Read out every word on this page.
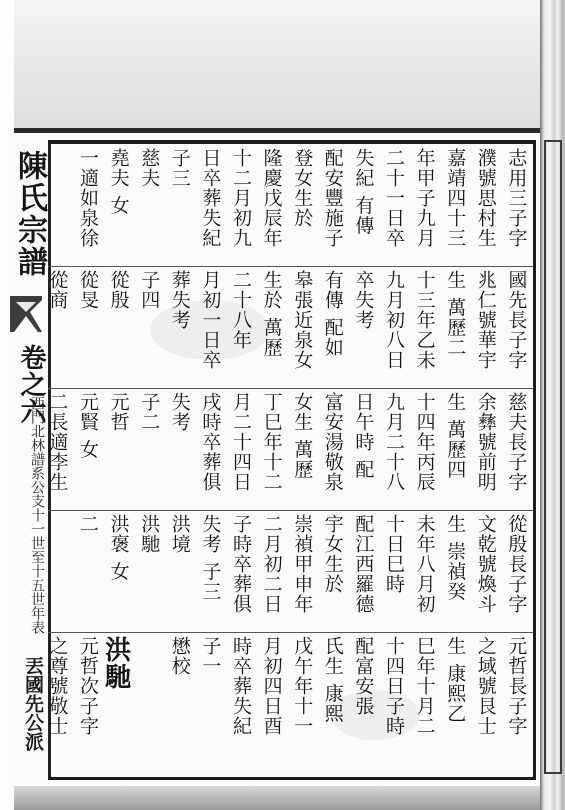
陳氏宗譜
卷之六
西門北林譜系公支十一世至十五世年表
丟國先公派
志用三子字
濮號思村生
嘉靖四十三
年甲子九月
二十一日卒
失紀 有傳
配安豐施子
登女生於
隆慶戊辰年
十二月初九
日卒葬失紀
子三
慈夫
堯夫 女
一適如泉徐
國先長子字
兆仁號華宇
生 萬歷二
十三年乙未
九月初八日
卒失考
有傳 配如
皋張近泉女
生於 萬歷
二十八年
月初一日卒
葬失考
子四
從殷
從旻
從商
慈夫長子字
余彝號前明
生 萬歷四
十四年丙辰
九月二十八
日午時 配
富安湯敬泉
女生 萬歷
丁巳年十二
月二十四日
戌時卒葬俱
失考
子二
元哲
元賢 女
二長適李生
從殷長子字
文乾號煥斗
生 崇禎癸
未年八月初
十日巳時
配江西羅德
宇女生於
崇禎甲申年
二月初二日
子時卒葬俱
失考 子三
洪境
洪馳
洪褒 女
二
元哲長子字
之域號艮士
生 康熙乙
巳年十月二
十四日子時
配富安張
氏生 康熙
戊午年十一
月初四日酉
時卒葬失紀
子一
懋校
洪馳
元哲次子字
之尊號敬士
